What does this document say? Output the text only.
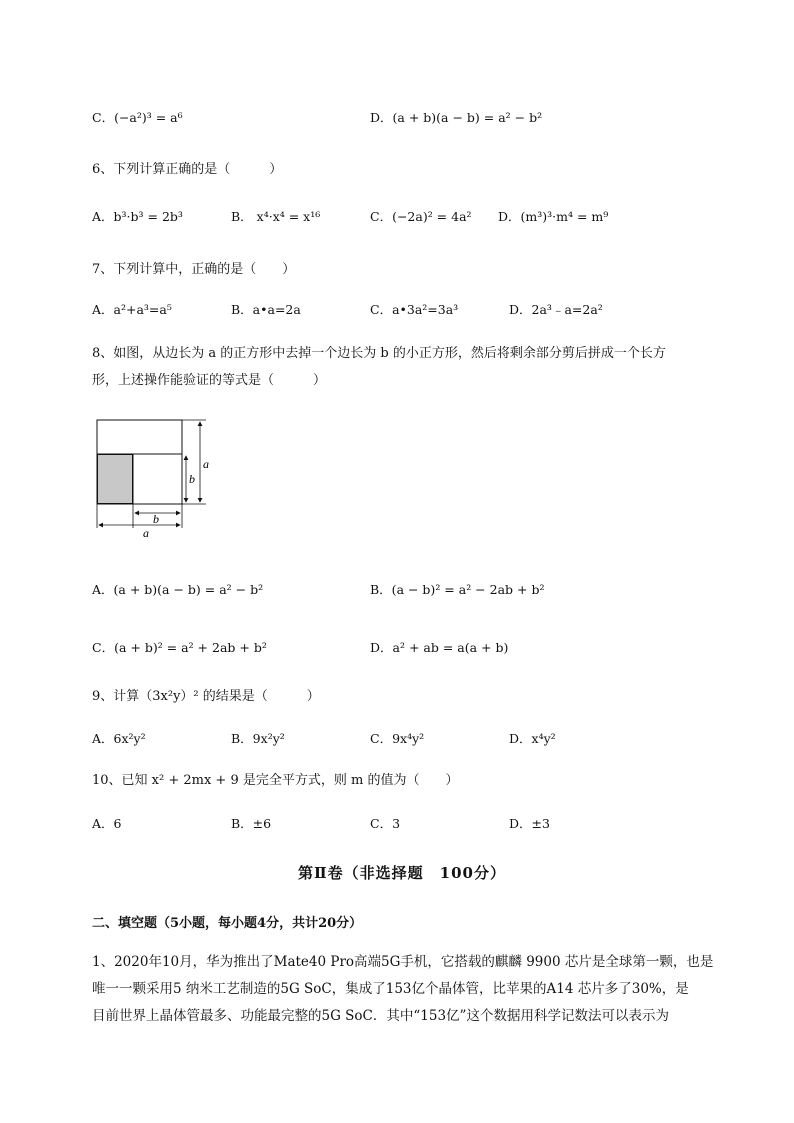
C．(−a²)³ = a⁶	D．(a + b)(a − b) = a² − b²
6、下列计算正确的是（　　　）
A．b³·b³ = 2b³	B． x⁴·x⁴ = x¹⁶	C．(−2a)² = 4a² D．(m³)³·m⁴ = m⁹
7、下列计算中，正确的是（　　）
A．a²+a³=a⁵	B．a•a=2a	C．a•3a²=3a³	D．2a³﹣a=2a²
8、如图，从边长为 a 的正方形中去掉一个边长为 b 的小正方形，然后将剩余部分剪后拼成一个长方
形，上述操作能验证的等式是（　　　）
a
b
b
a
A．(a + b)(a − b) = a² − b²	B．(a − b)² = a² − 2ab + b²
C．(a + b)² = a² + 2ab + b²	D．a² + ab = a(a + b)
9、计算（3x²y）² 的结果是（　　　）
A．6x²y²	B．9x²y²	C．9x⁴y²	D．x⁴y²
10、已知 x² + 2mx + 9 是完全平方式，则 m 的值为（　　）
A．6	B．±6	C．3	D．±3
第Ⅱ卷（非选择题　100分）
二、填空题（5小题，每小题4分，共计20分）
1、2020年10月，华为推出了Mate40 Pro高端5G手机，它搭载的麒麟 9900 芯片是全球第一颗，也是
唯一一颗采用5 纳米工艺制造的5G SoC，集成了153亿个晶体管，比苹果的A14 芯片多了30%，是
目前世界上晶体管最多、功能最完整的5G SoC．其中“153亿”这个数据用科学记数法可以表示为
